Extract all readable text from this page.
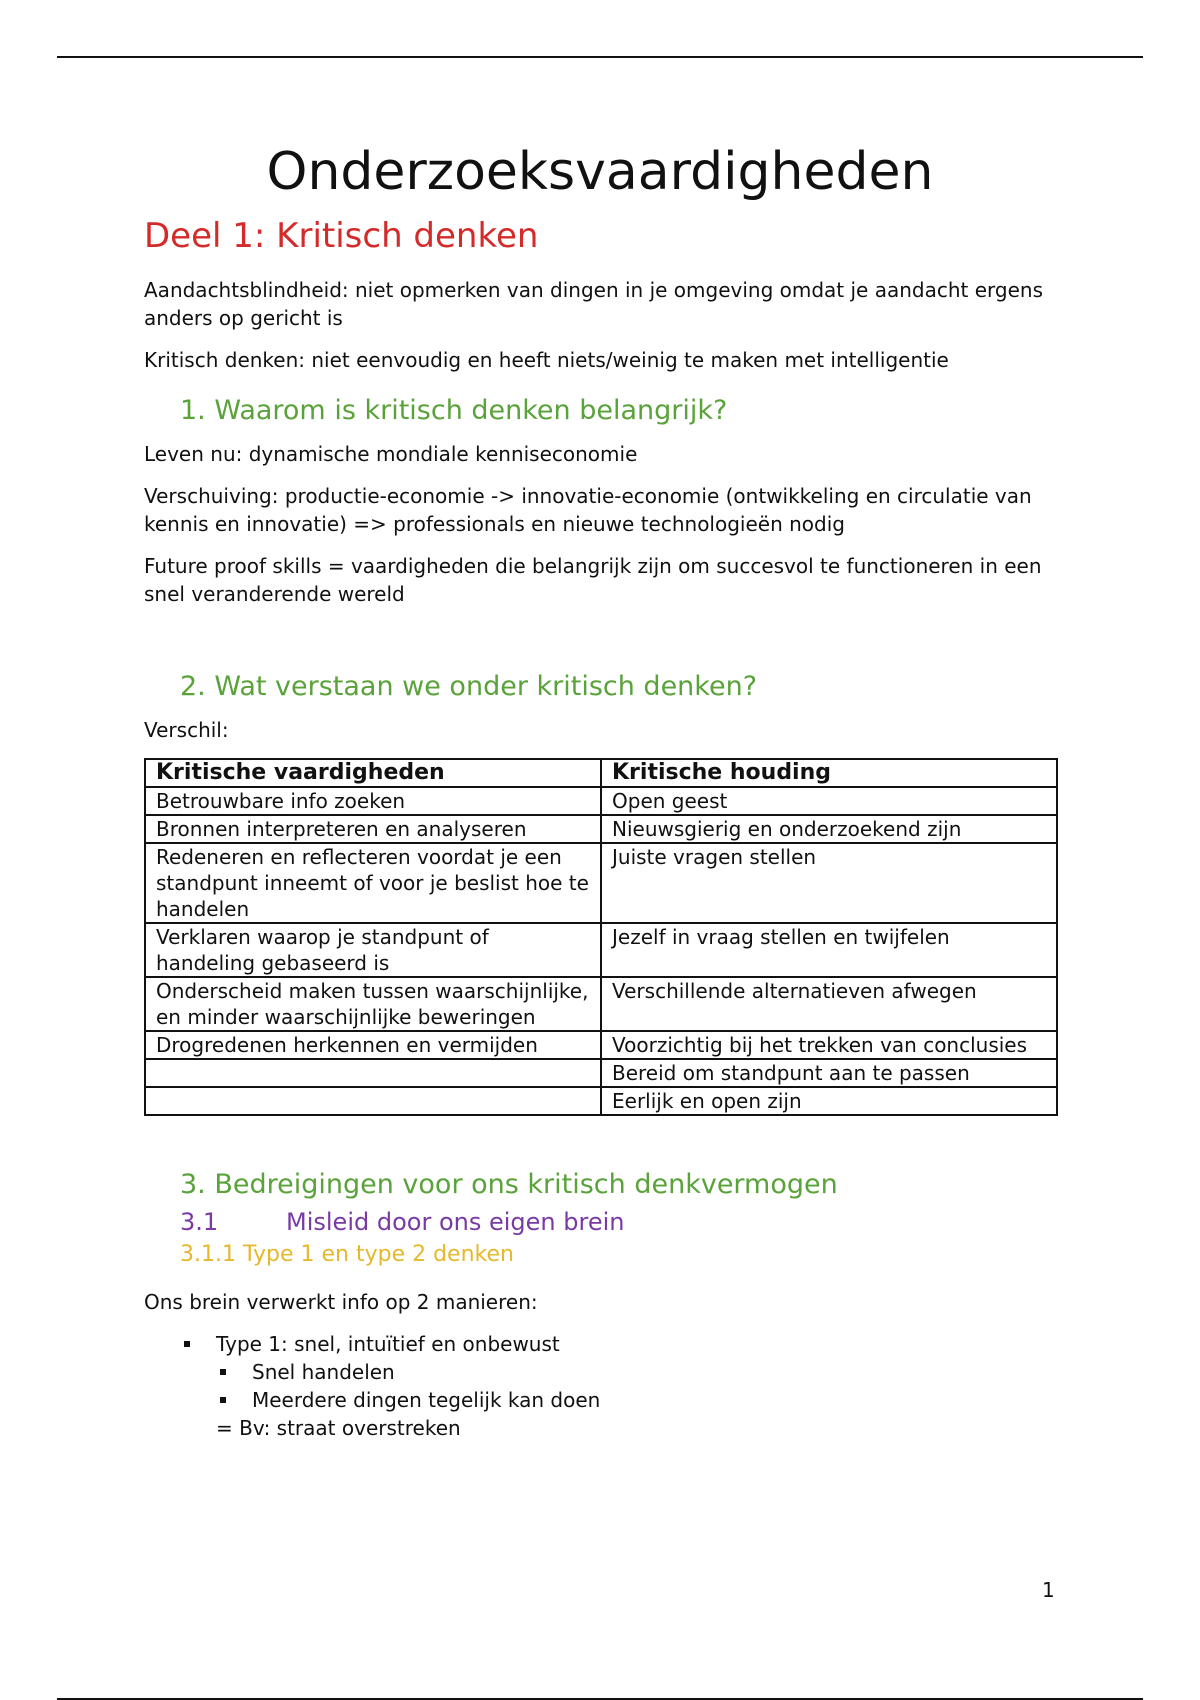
Onderzoeksvaardigheden
Deel 1: Kritisch denken

Aandachtsblindheid: niet opmerken van dingen in je omgeving omdat je aandacht ergens anders op gericht is

Kritisch denken: niet eenvoudig en heeft niets/weinig te maken met intelligentie

1. Waarom is kritisch denken belangrijk?

Leven nu: dynamische mondiale kenniseconomie

Verschuiving: productie-economie -> innovatie-economie (ontwikkeling en circulatie van kennis en innovatie) => professionals en nieuwe technologieën nodig

Future proof skills = vaardigheden die belangrijk zijn om succesvol te functioneren in een snel veranderende wereld

2. Wat verstaan we onder kritisch denken?

Verschil:

Kritische vaardigheden	Kritische houding
Betrouwbare info zoeken	Open geest
Bronnen interpreteren en analyseren	Nieuwsgierig en onderzoekend zijn
Redeneren en reflecteren voordat je een standpunt inneemt of voor je beslist hoe te handelen	Juiste vragen stellen
Verklaren waarop je standpunt of handeling gebaseerd is	Jezelf in vraag stellen en twijfelen
Onderscheid maken tussen waarschijnlijke, en minder waarschijnlijke beweringen	Verschillende alternatieven afwegen
Drogredenen herkennen en vermijden	Voorzichtig bij het trekken van conclusies
	Bereid om standpunt aan te passen
	Eerlijk en open zijn
3. Bedreigingen voor ons kritisch denkvermogen
3.1	Misleid door ons eigen brein
3.1.1 Type 1 en type 2 denken

Ons brein verwerkt info op 2 manieren:

Type 1: snel, intuïtief en onbewust
Snel handelen
Meerdere dingen tegelijk kan doen
= Bv: straat overstreken
1
